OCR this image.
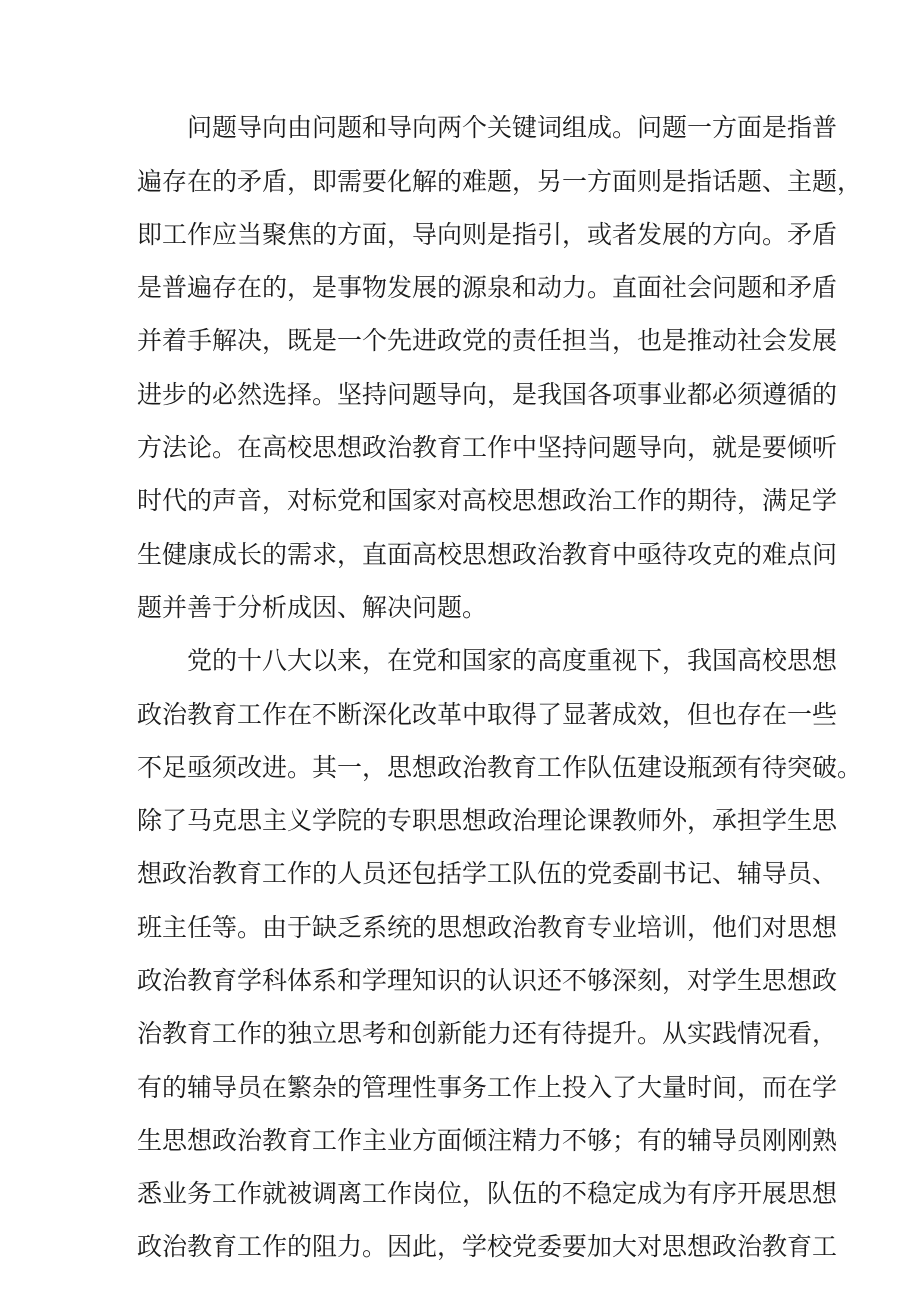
问题导向由问题和导向两个关键词组成。问题一方面是指普
遍存在的矛盾，即需要化解的难题，另一方面则是指话题、主题，
即工作应当聚焦的方面，导向则是指引，或者发展的方向。矛盾
是普遍存在的，是事物发展的源泉和动力。直面社会问题和矛盾
并着手解决，既是一个先进政党的责任担当，也是推动社会发展
进步的必然选择。坚持问题导向，是我国各项事业都必须遵循的
方法论。在高校思想政治教育工作中坚持问题导向，就是要倾听
时代的声音，对标党和国家对高校思想政治工作的期待，满足学
生健康成长的需求，直面高校思想政治教育中亟待攻克的难点问
题并善于分析成因、解决问题。
党的十八大以来，在党和国家的高度重视下，我国高校思想
政治教育工作在不断深化改革中取得了显著成效，但也存在一些
不足亟须改进。其一，思想政治教育工作队伍建设瓶颈有待突破。
除了马克思主义学院的专职思想政治理论课教师外，承担学生思
想政治教育工作的人员还包括学工队伍的党委副书记、辅导员、
班主任等。由于缺乏系统的思想政治教育专业培训，他们对思想
政治教育学科体系和学理知识的认识还不够深刻，对学生思想政
治教育工作的独立思考和创新能力还有待提升。从实践情况看，
有的辅导员在繁杂的管理性事务工作上投入了大量时间，而在学
生思想政治教育工作主业方面倾注精力不够；有的辅导员刚刚熟
悉业务工作就被调离工作岗位，队伍的不稳定成为有序开展思想
政治教育工作的阻力。因此，学校党委要加大对思想政治教育工
